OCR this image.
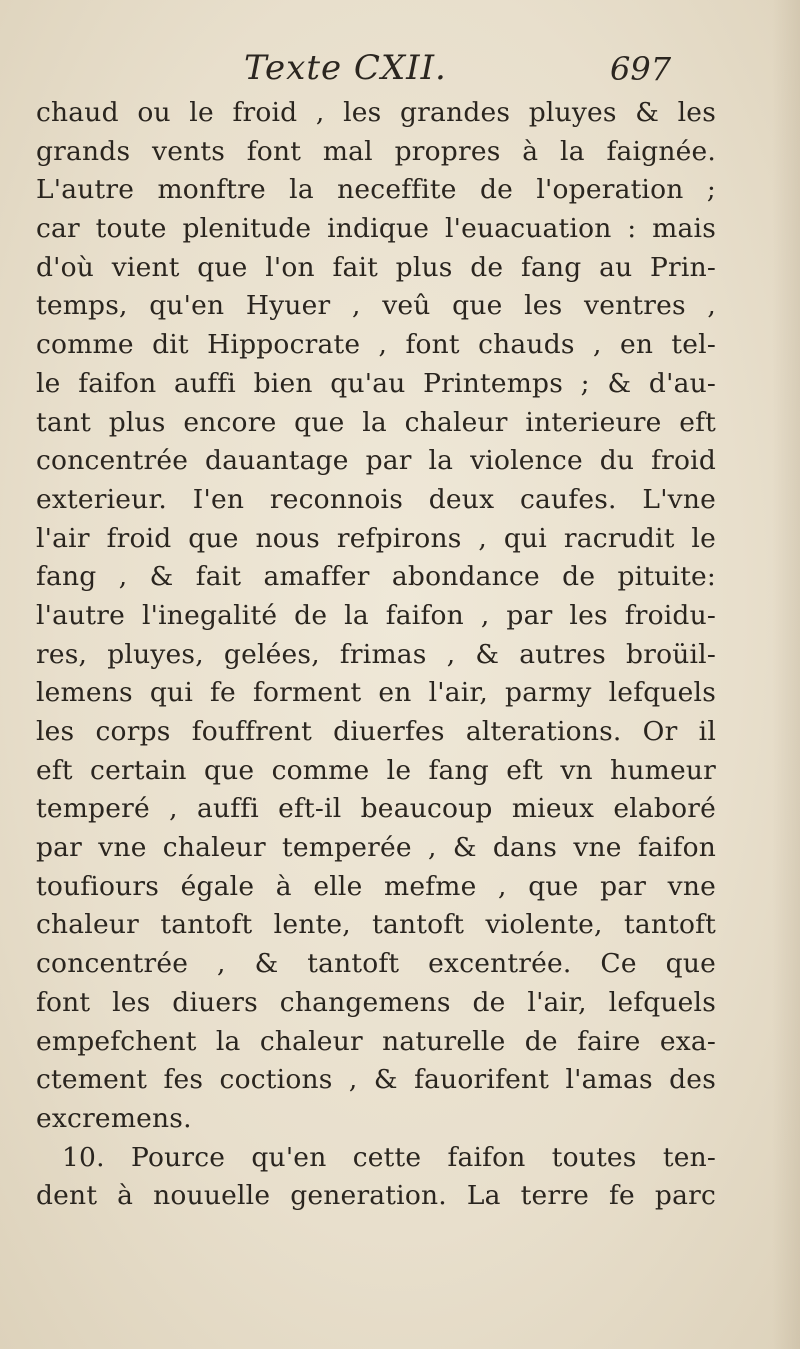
Texte CXII.	697
chaud ou le froid , les grandes pluyes & les
grands vents font mal propres à la faignée.
L'autre monftre la neceffite de l'operation ;
car toute plenitude indique l'euacuation : mais
d'où vient que l'on fait plus de fang au Prin-
temps, qu'en Hyuer , veû que les ventres ,
comme dit Hippocrate , font chauds , en tel-
le faifon auffi bien qu'au Printemps ; & d'au-
tant plus encore que la chaleur interieure eft
concentrée dauantage par la violence du froid
exterieur. I'en reconnois deux caufes. L'vne
l'air froid que nous refpirons , qui racrudit le
fang , & fait amaffer abondance de pituite:
l'autre l'inegalité de la faifon , par les froidu-
res, pluyes, gelées, frimas , & autres broüil-
lemens qui fe forment en l'air, parmy lefquels
les corps fouffrent diuerfes alterations. Or il
eft certain que comme le fang eft vn humeur
temperé , auffi eft-il beaucoup mieux elaboré
par vne chaleur temperée , & dans vne faifon
toufiours égale à elle mefme , que par vne
chaleur tantoft lente, tantoft violente, tantoft
concentrée , & tantoft excentrée. Ce que
font les diuers changemens de l'air, lefquels
empefchent la chaleur naturelle de faire exa-
ctement fes coctions , & fauorifent l'amas des
excremens.
10. Pource qu'en cette faifon toutes ten-
dent à nouuelle generation. La terre fe parc
